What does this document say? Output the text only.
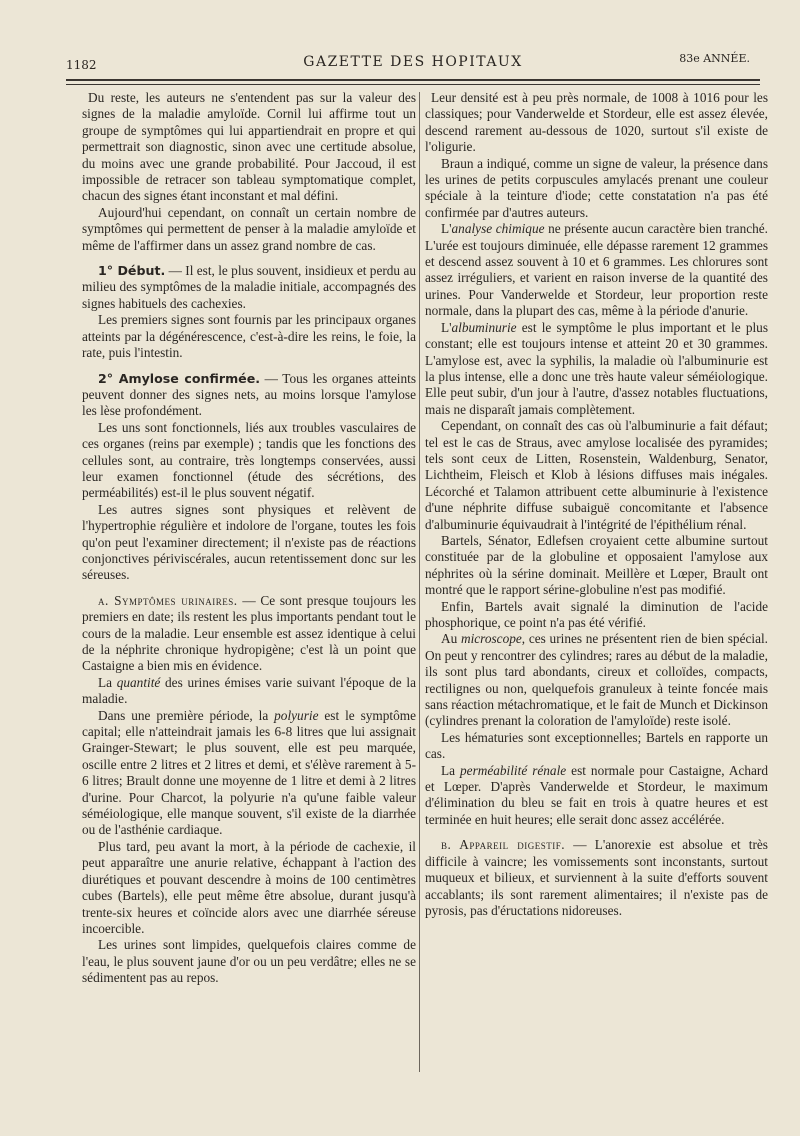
1182	GAZETTE DES HOPITAUX	83e ANNÉE.

Du reste, les auteurs ne s'entendent pas sur la valeur des signes de la maladie amyloïde. Cornil lui affirme tout un groupe de symptômes qui lui appartiendrait en propre et qui permettrait son diagnostic, sinon avec une certitude absolue, du moins avec une grande probabilité. Pour Jaccoud, il est impossible de retracer son tableau symptomatique complet, chacun des signes étant inconstant et mal défini.

Aujourd'hui cependant, on connaît un certain nombre de symptômes qui permettent de penser à la maladie amyloïde et même de l'affirmer dans un assez grand nombre de cas.

1° Début. — Il est, le plus souvent, insidieux et perdu au milieu des symptômes de la maladie initiale, accompagnés des signes habituels des cachexies.

Les premiers signes sont fournis par les principaux organes atteints par la dégénérescence, c'est-à-dire les reins, le foie, la rate, puis l'intestin.

2° Amylose confirmée. — Tous les organes atteints peuvent donner des signes nets, au moins lorsque l'amylose les lèse profondément.

Les uns sont fonctionnels, liés aux troubles vasculaires de ces organes (reins par exemple) ; tandis que les fonctions des cellules sont, au contraire, très longtemps conservées, aussi leur examen fonctionnel (étude des sécrétions, des perméabilités) est-il le plus souvent négatif.

Les autres signes sont physiques et relèvent de l'hypertrophie régulière et indolore de l'organe, toutes les fois qu'on peut l'examiner directement; il n'existe pas de réactions conjonctives périviscérales, aucun retentissement donc sur les séreuses.

a. Symptômes urinaires. — Ce sont presque toujours les premiers en date; ils restent les plus importants pendant tout le cours de la maladie. Leur ensemble est assez identique à celui de la néphrite chronique hydropigène; c'est là un point que Castaigne a bien mis en évidence.

La quantité des urines émises varie suivant l'époque de la maladie.

Dans une première période, la polyurie est le symptôme capital; elle n'atteindrait jamais les 6-8 litres que lui assignait Grainger-Stewart; le plus souvent, elle est peu marquée, oscille entre 2 litres et 2 litres et demi, et s'élève rarement à 5-6 litres; Brault donne une moyenne de 1 litre et demi à 2 litres d'urine. Pour Charcot, la polyurie n'a qu'une faible valeur séméiologique, elle manque souvent, s'il existe de la diarrhée ou de l'asthénie cardiaque.

Plus tard, peu avant la mort, à la période de cachexie, il peut apparaître une anurie relative, échappant à l'action des diurétiques et pouvant descendre à moins de 100 centimètres cubes (Bartels), elle peut même être absolue, durant jusqu'à trente-six heures et coïncide alors avec une diarrhée séreuse incoercible.

Les urines sont limpides, quelquefois claires comme de l'eau, le plus souvent jaune d'or ou un peu verdâtre; elles ne se sédimentent pas au repos.

Leur densité est à peu près normale, de 1008 à 1016 pour les classiques; pour Vanderwelde et Stordeur, elle est assez élevée, descend rarement au-dessous de 1020, surtout s'il existe de l'oligurie.

Braun a indiqué, comme un signe de valeur, la présence dans les urines de petits corpuscules amylacés prenant une couleur spéciale à la teinture d'iode; cette constatation n'a pas été confirmée par d'autres auteurs.

L'analyse chimique ne présente aucun caractère bien tranché. L'urée est toujours diminuée, elle dépasse rarement 12 grammes et descend assez souvent à 10 et 6 grammes. Les chlorures sont assez irréguliers, et varient en raison inverse de la quantité des urines. Pour Vanderwelde et Stordeur, leur proportion reste normale, dans la plupart des cas, même à la période d'anurie.

L'albuminurie est le symptôme le plus important et le plus constant; elle est toujours intense et atteint 20 et 30 grammes. L'amylose est, avec la syphilis, la maladie où l'albuminurie est la plus intense, elle a donc une très haute valeur séméiologique. Elle peut subir, d'un jour à l'autre, d'assez notables fluctuations, mais ne disparaît jamais complètement.

Cependant, on connaît des cas où l'albuminurie a fait défaut; tel est le cas de Straus, avec amylose localisée des pyramides; tels sont ceux de Litten, Rosenstein, Waldenburg, Senator, Lichtheim, Fleisch et Klob à lésions diffuses mais inégales. Lécorché et Talamon attribuent cette albuminurie à l'existence d'une néphrite diffuse subaiguë concomitante et l'absence d'albuminurie équivaudrait à l'intégrité de l'épithélium rénal.

Bartels, Sénator, Edlefsen croyaient cette albumine surtout constituée par de la globuline et opposaient l'amylose aux néphrites où la sérine dominait. Meillère et Lœper, Brault ont montré que le rapport sérine-globuline n'est pas modifié.

Enfin, Bartels avait signalé la diminution de l'acide phosphorique, ce point n'a pas été vérifié.

Au microscope, ces urines ne présentent rien de bien spécial. On peut y rencontrer des cylindres; rares au début de la maladie, ils sont plus tard abondants, cireux et colloïdes, compacts, rectilignes ou non, quelquefois granuleux à teinte foncée mais sans réaction métachromatique, et le fait de Munch et Dickinson (cylindres prenant la coloration de l'amyloïde) reste isolé.

Les hématuries sont exceptionnelles; Bartels en rapporte un cas.

La perméabilité rénale est normale pour Castaigne, Achard et Lœper. D'après Vanderwelde et Stordeur, le maximum d'élimination du bleu se fait en trois à quatre heures et est terminée en huit heures; elle serait donc assez accélérée.

b. Appareil digestif. — L'anorexie est absolue et très difficile à vaincre; les vomissements sont inconstants, surtout muqueux et bilieux, et surviennent à la suite d'efforts souvent accablants; ils sont rarement alimentaires; il n'existe pas de pyrosis, pas d'éructations nidoreuses.
